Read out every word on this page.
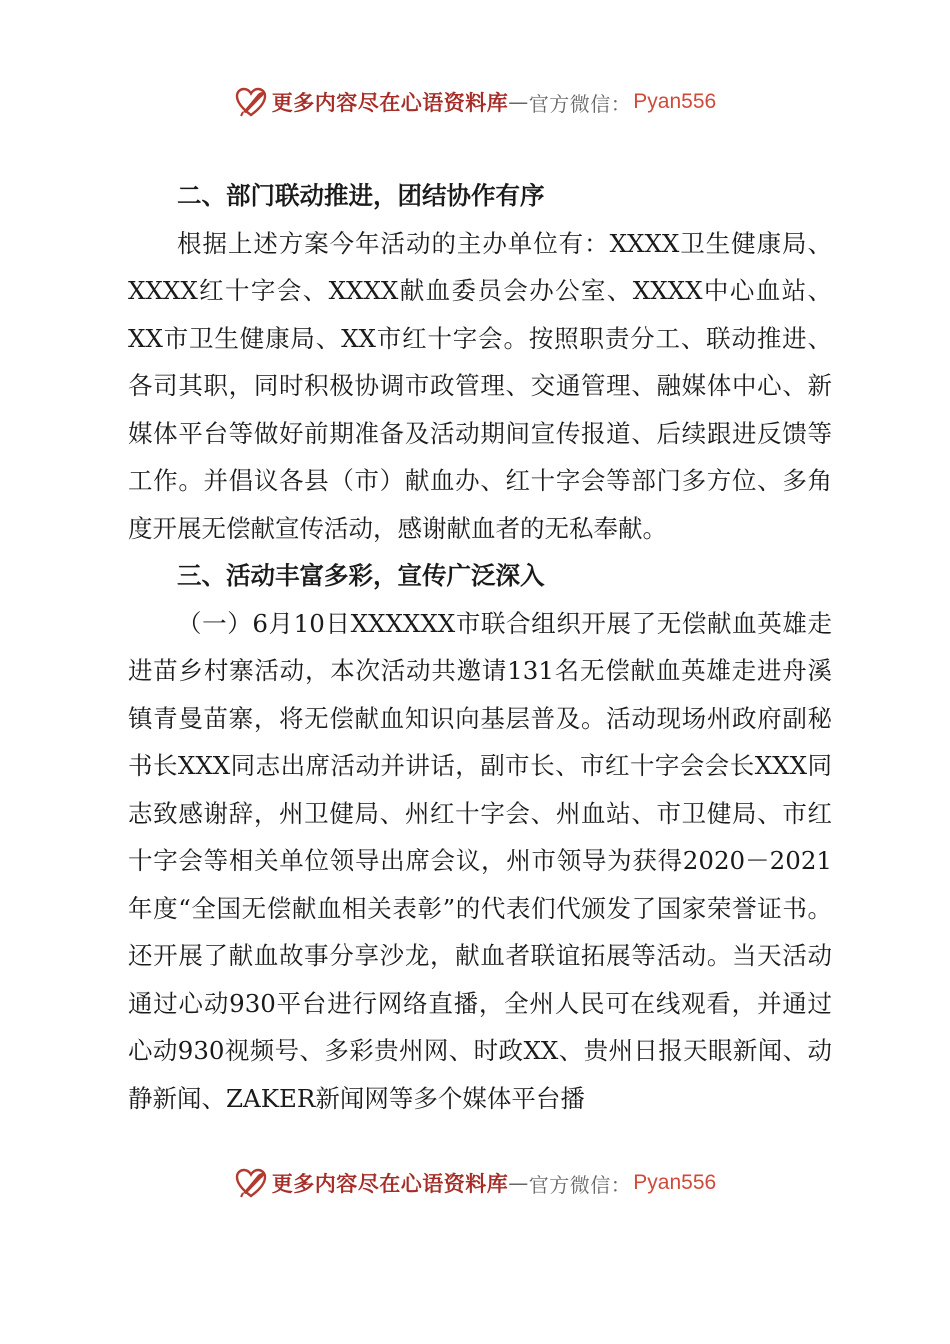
更多内容尽在心语资料库 — 官方微信： Pyan556
二、部门联动推进，团结协作有序

根据上述方案今年活动的主办单位有：XXXX卫生健康局、XXXX红十字会、XXXX献血委员会办公室、XXXX中心血站、XX市卫生健康局、XX市红十字会。按照职责分工、联动推进、各司其职，同时积极协调市政管理、交通管理、融媒体中心、新媒体平台等做好前期准备及活动期间宣传报道、后续跟进反馈等工作。并倡议各县（市）献血办、红十字会等部门多方位、多角度开展无偿献宣传活动，感谢献血者的无私奉献。

三、活动丰富多彩，宣传广泛深入

（一）6月10日XXXXXX市联合组织开展了无偿献血英雄走进苗乡村寨活动，本次活动共邀请131名无偿献血英雄走进舟溪镇青曼苗寨，将无偿献血知识向基层普及。活动现场州政府副秘书长XXX同志出席活动并讲话，副市长、市红十字会会长XXX同志致感谢辞，州卫健局、州红十字会、州血站、市卫健局、市红十字会等相关单位领导出席会议，州市领导为获得2020－2021年度“全国无偿献血相关表彰”的代表们代颁发了国家荣誉证书。还开展了献血故事分享沙龙，献血者联谊拓展等活动。当天活动通过心动930平台进行网络直播，全州人民可在线观看，并通过心动930视频号、多彩贵州网、时政XX、贵州日报天眼新闻、动静新闻、ZAKER新闻网等多个媒体平台播

更多内容尽在心语资料库 — 官方微信： Pyan556
